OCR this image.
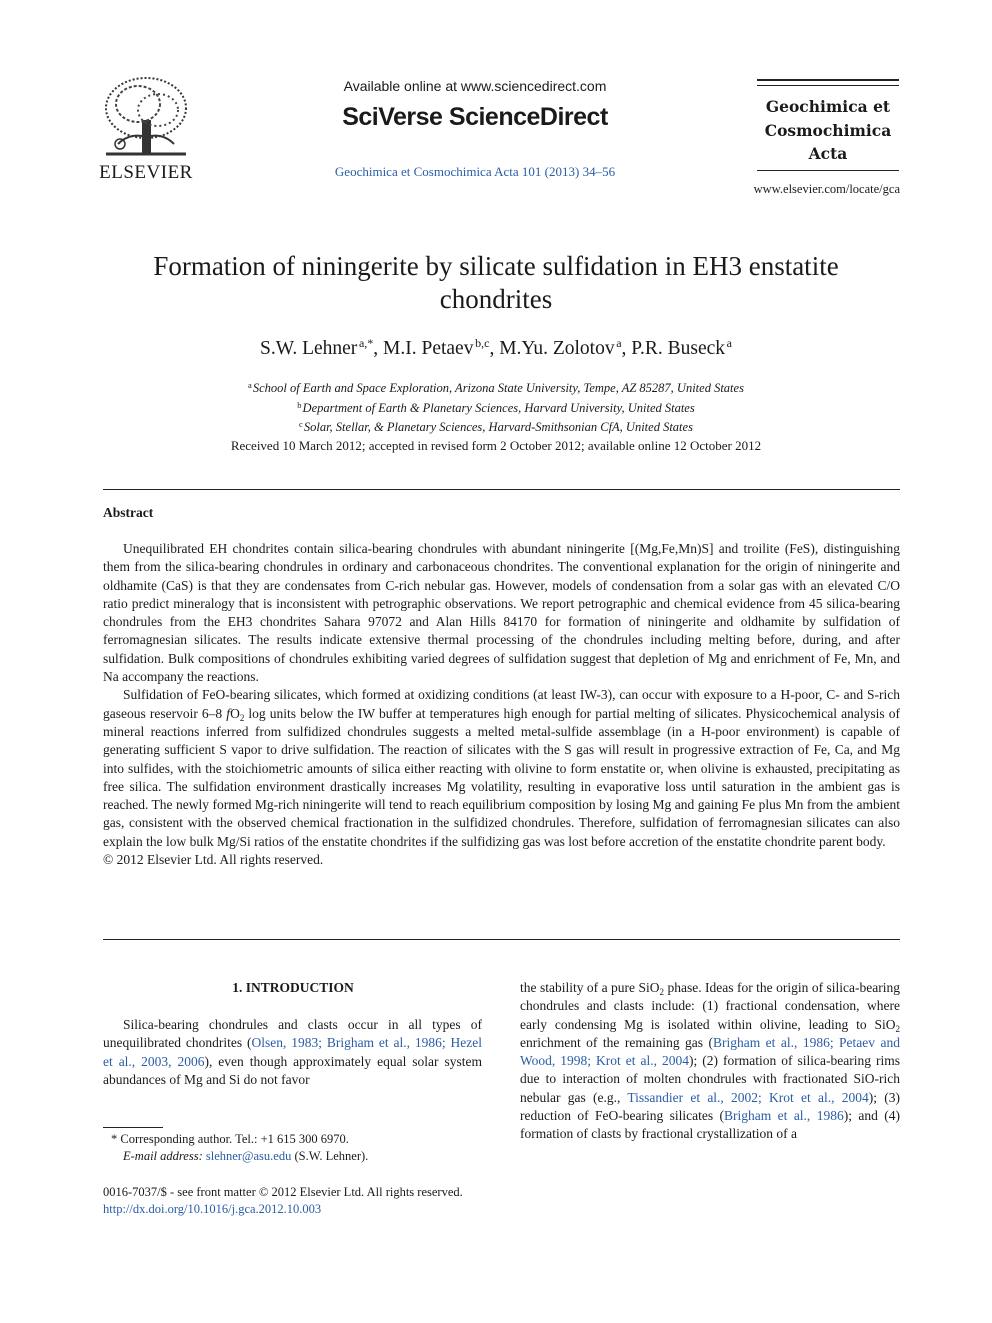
ELSEVIER
Available online at www.sciencedirect.com
SciVerse ScienceDirect
Geochimica et Cosmochimica Acta 101 (2013) 34–56
Geochimica et
Cosmochimica
Acta
www.elsevier.com/locate/gca
Formation of niningerite by silicate sulfidation in EH3 enstatite
chondrites
S.W. Lehner  $^{a,*}$, M.I. Petaev  $^{b,c}$, M.Yu. Zolotov  $^a$, P.R. Buseck  $^a$
$^a$ School of Earth and Space Exploration, Arizona State University, Tempe, AZ 85287, United States
$^b$ Department of Earth & Planetary Sciences, Harvard University, United States
$^c$ Solar, Stellar, & Planetary Sciences, Harvard-Smithsonian CfA, United States
Received 10 March 2012; accepted in revised form 2 October 2012; available online 12 October 2012
Abstract

Unequilibrated EH chondrites contain silica-bearing chondrules with abundant niningerite [(Mg,Fe,Mn)S] and troilite (FeS), distinguishing them from the silica-bearing chondrules in ordinary and carbonaceous chondrites. The conventional explanation for the origin of niningerite and oldhamite (CaS) is that they are condensates from C-rich nebular gas. However, models of condensation from a solar gas with an elevated C/O ratio predict mineralogy that is inconsistent with petrographic observations. We report petrographic and chemical evidence from 45 silica-bearing chondrules from the EH3 chondrites Sahara 97072 and Alan Hills 84170 for formation of niningerite and oldhamite by sulfidation of ferromagnesian silicates. The results indicate extensive thermal processing of the chondrules including melting before, during, and after sulfidation. Bulk compositions of chondrules exhibiting varied degrees of sulfidation suggest that depletion of Mg and enrichment of Fe, Mn, and Na accompany the reactions.

Sulfidation of FeO-bearing silicates, which formed at oxidizing conditions (at least IW-3), can occur with exposure to a H-poor, C- and S-rich gaseous reservoir 6–8 $fO_2$ log units below the IW buffer at temperatures high enough for partial melting of silicates. Physicochemical analysis of mineral reactions inferred from sulfidized chondrules suggests a melted metal-sulfide assemblage (in a H-poor environment) is capable of generating sufficient S vapor to drive sulfidation. The reaction of silicates with the S gas will result in progressive extraction of Fe, Ca, and Mg into sulfides, with the stoichiometric amounts of silica either reacting with olivine to form enstatite or, when olivine is exhausted, precipitating as free silica. The sulfidation environment drastically increases Mg volatility, resulting in evaporative loss until saturation in the ambient gas is reached. The newly formed Mg-rich niningerite will tend to reach equilibrium composition by losing Mg and gaining Fe plus Mn from the ambient gas, consistent with the observed chemical fractionation in the sulfidized chondrules. Therefore, sulfidation of ferromagnesian silicates can also explain the low bulk Mg/Si ratios of the enstatite chondrites if the sulfidizing gas was lost before accretion of the enstatite chondrite parent body.

© 2012 Elsevier Ltd. All rights reserved.

1. INTRODUCTION

Silica-bearing chondrules and clasts occur in all types of unequilibrated chondrites (Olsen, 1983; Brigham et al., 1986; Hezel et al., 2003, 2006), even though approximately equal solar system abundances of Mg and Si do not favor

the stability of a pure SiO$_2$ phase. Ideas for the origin of silica-bearing chondrules and clasts include: (1) fractional condensation, where early condensing Mg is isolated within olivine, leading to SiO$_2$ enrichment of the remaining gas (Brigham et al., 1986; Petaev and Wood, 1998; Krot et al., 2004); (2) formation of silica-bearing rims due to interaction of molten chondrules with fractionated SiO-rich nebular gas (e.g., Tissandier et al., 2002; Krot et al., 2004); (3) reduction of FeO-bearing silicates (Brigham et al., 1986); and (4) formation of clasts by fractional crystallization of a

* Corresponding author. Tel.: +1 615 300 6970.
E-mail address: slehner@asu.edu (S.W. Lehner).
0016-7037/$ - see front matter © 2012 Elsevier Ltd. All rights reserved.
http://dx.doi.org/10.1016/j.gca.2012.10.003
